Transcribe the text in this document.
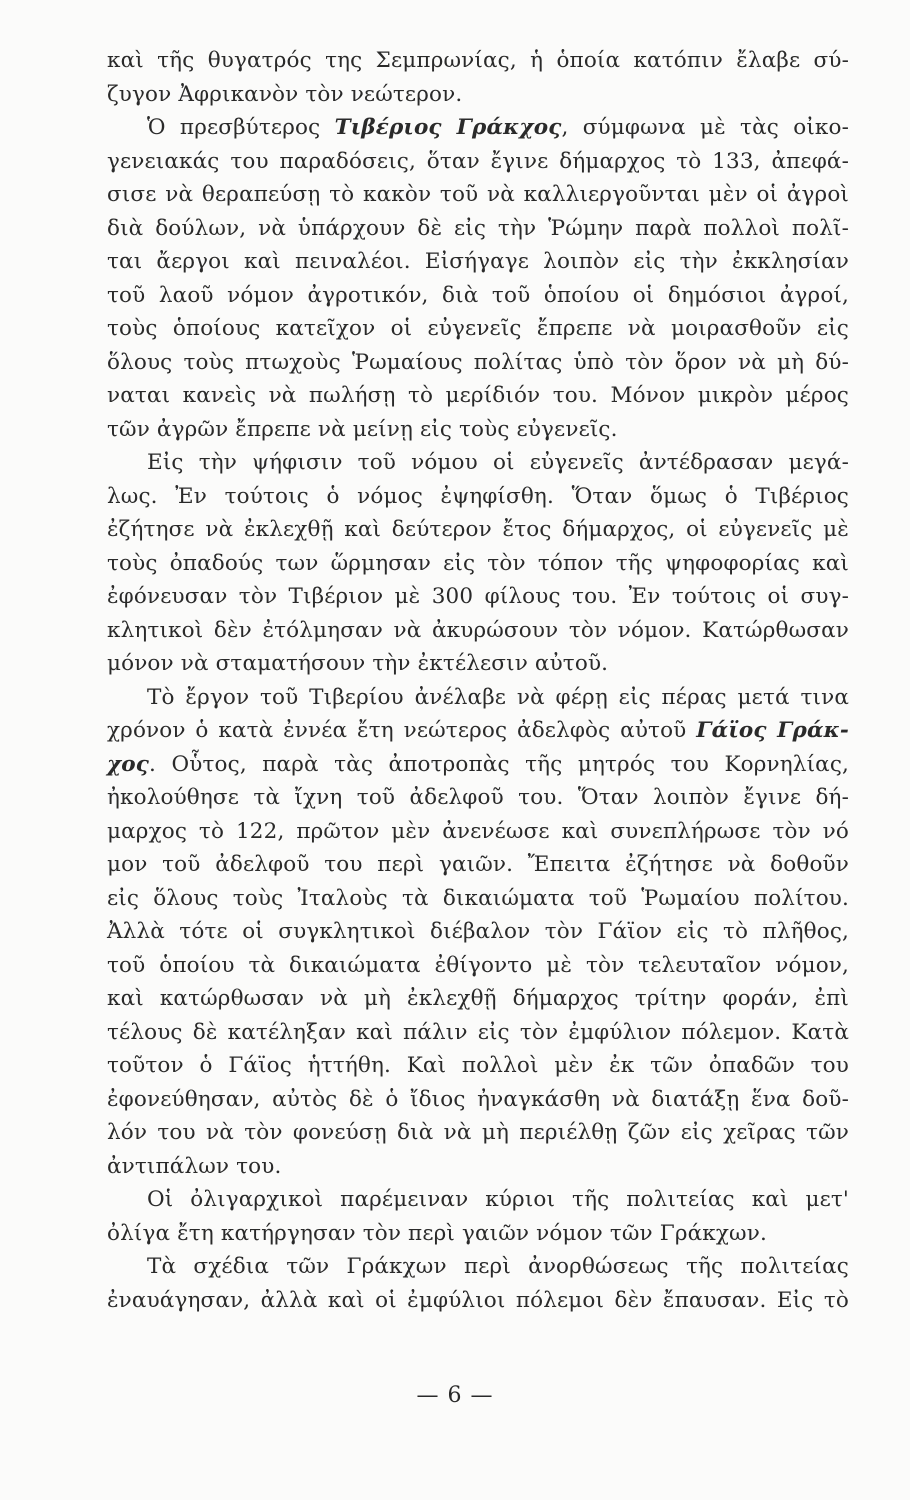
καὶ τῆς θυγατρός της Σεμπρωνίας, ἡ ὁποία κατόπιν ἔλαβε σύ-
ζυγον Ἀφρικανὸν τὸν νεώτερον.
Ὁ πρεσβύτερος Τιβέριος Γράκχος, σύμφωνα μὲ τὰς οἰκο-
γενειακάς του παραδόσεις, ὅταν ἔγινε δήμαρχος τὸ 133, ἀπεφά-
σισε νὰ θεραπεύσῃ τὸ κακὸν τοῦ νὰ καλλιεργοῦνται μὲν οἱ ἀγροὶ
διὰ δούλων, νὰ ὑπάρχουν δὲ εἰς τὴν Ῥώμην παρὰ πολλοὶ πολῖ-
ται ἄεργοι καὶ πειναλέοι. Εἰσήγαγε λοιπὸν εἰς τὴν ἐκκλησίαν
τοῦ λαοῦ νόμον ἀγροτικόν, διὰ τοῦ ὁποίου οἱ δημόσιοι ἀγροί,
τοὺς ὁποίους κατεῖχον οἱ εὐγενεῖς ἔπρεπε νὰ μοιρασθοῦν εἰς
ὅλους τοὺς πτωχοὺς Ῥωμαίους πολίτας ὑπὸ τὸν ὅρον νὰ μὴ δύ-
ναται κανεὶς νὰ πωλήσῃ τὸ μερίδιόν του. Μόνον μικρὸν μέρος
τῶν ἀγρῶν ἔπρεπε νὰ μείνῃ εἰς τοὺς εὐγενεῖς.
Εἰς τὴν ψήφισιν τοῦ νόμου οἱ εὐγενεῖς ἀντέδρασαν μεγά-
λως. Ἐν τούτοις ὁ νόμος ἐψηφίσθη. Ὅταν ὅμως ὁ Τιβέριος
ἐζήτησε νὰ ἐκλεχθῇ καὶ δεύτερον ἔτος δήμαρχος, οἱ εὐγενεῖς μὲ
τοὺς ὀπαδούς των ὥρμησαν εἰς τὸν τόπον τῆς ψηφοφορίας καὶ
ἐφόνευσαν τὸν Τιβέριον μὲ 300 φίλους του. Ἐν τούτοις οἱ συγ-
κλητικοὶ δὲν ἐτόλμησαν νὰ ἀκυρώσουν τὸν νόμον. Κατώρθωσαν
μόνον νὰ σταματήσουν τὴν ἐκτέλεσιν αὐτοῦ.
Τὸ ἔργον τοῦ Τιβερίου ἀνέλαβε νὰ φέρῃ εἰς πέρας μετά τινα
χρόνον ὁ κατὰ ἐννέα ἔτη νεώτερος ἀδελφὸς αὐτοῦ Γάϊος Γράκ-
χος. Οὗτος, παρὰ τὰς ἀποτροπὰς τῆς μητρός του Κορνηλίας,
ἠκολούθησε τὰ ἴχνη τοῦ ἀδελφοῦ του. Ὅταν λοιπὸν ἔγινε δή-
μαρχος τὸ 122, πρῶτον μὲν ἀνενέωσε καὶ συνεπλήρωσε τὸν νό
μον τοῦ ἀδελφοῦ του περὶ γαιῶν. Ἔπειτα ἐζήτησε νὰ δοθοῦν
εἰς ὅλους τοὺς Ἰταλοὺς τὰ δικαιώματα τοῦ Ῥωμαίου πολίτου.
Ἀλλὰ τότε οἱ συγκλητικοὶ διέβαλον τὸν Γάϊον εἰς τὸ πλῆθος,
τοῦ ὁποίου τὰ δικαιώματα ἐθίγοντο μὲ τὸν τελευταῖον νόμον,
καὶ κατώρθωσαν νὰ μὴ ἐκλεχθῇ δήμαρχος τρίτην φοράν, ἐπὶ
τέλους δὲ κατέληξαν καὶ πάλιν εἰς τὸν ἐμφύλιον πόλεμον. Κατὰ
τοῦτον ὁ Γάϊος ἡττήθη. Καὶ πολλοὶ μὲν ἐκ τῶν ὀπαδῶν του
ἐφονεύθησαν, αὐτὸς δὲ ὁ ἴδιος ἠναγκάσθη νὰ διατάξῃ ἕνα δοῦ-
λόν του νὰ τὸν φονεύσῃ διὰ νὰ μὴ περιέλθῃ ζῶν εἰς χεῖρας τῶν
ἀντιπάλων του.
Οἱ ὀλιγαρχικοὶ παρέμειναν κύριοι τῆς πολιτείας καὶ μετ'
ὀλίγα ἔτη κατήργησαν τὸν περὶ γαιῶν νόμον τῶν Γράκχων.
Τὰ σχέδια τῶν Γράκχων περὶ ἀνορθώσεως τῆς πολιτείας
ἐναυάγησαν, ἀλλὰ καὶ οἱ ἐμφύλιοι πόλεμοι δὲν ἔπαυσαν. Εἰς τὸ
— 6 —
